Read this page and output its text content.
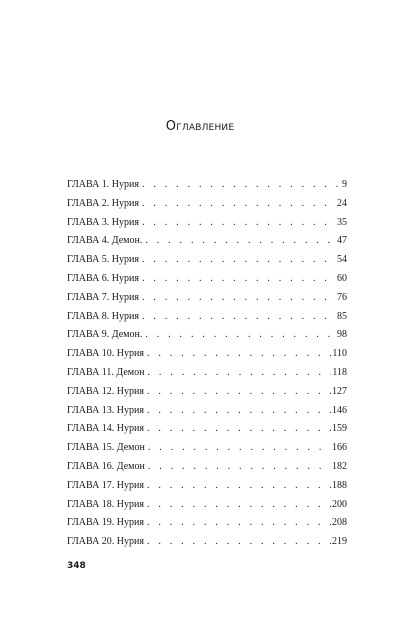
Оглавление
ГЛАВА 1. Нурия . . .	9
ГЛАВА 2. Нурия . . .	24
ГЛАВА 3. Нурия . . .	35
ГЛАВА 4. Демон. . . .	47
ГЛАВА 5. Нурия . . .	54
ГЛАВА 6. Нурия . . .	60
ГЛАВА 7. Нурия . . .	76
ГЛАВА 8. Нурия . . .	85
ГЛАВА 9. Демон. . . .	98
ГЛАВА 10. Нурия . . .	110
ГЛАВА 11. Демон . . .	118
ГЛАВА 12. Нурия . . .	127
ГЛАВА 13. Нурия . . .	146
ГЛАВА 14. Нурия . . .	159
ГЛАВА 15. Демон . . .	166
ГЛАВА 16. Демон . . .	182
ГЛАВА 17. Нурия . . .	188
ГЛАВА 18. Нурия . . .	200
ГЛАВА 19. Нурия . . .	208
ГЛАВА 20. Нурия . . .	219
348
